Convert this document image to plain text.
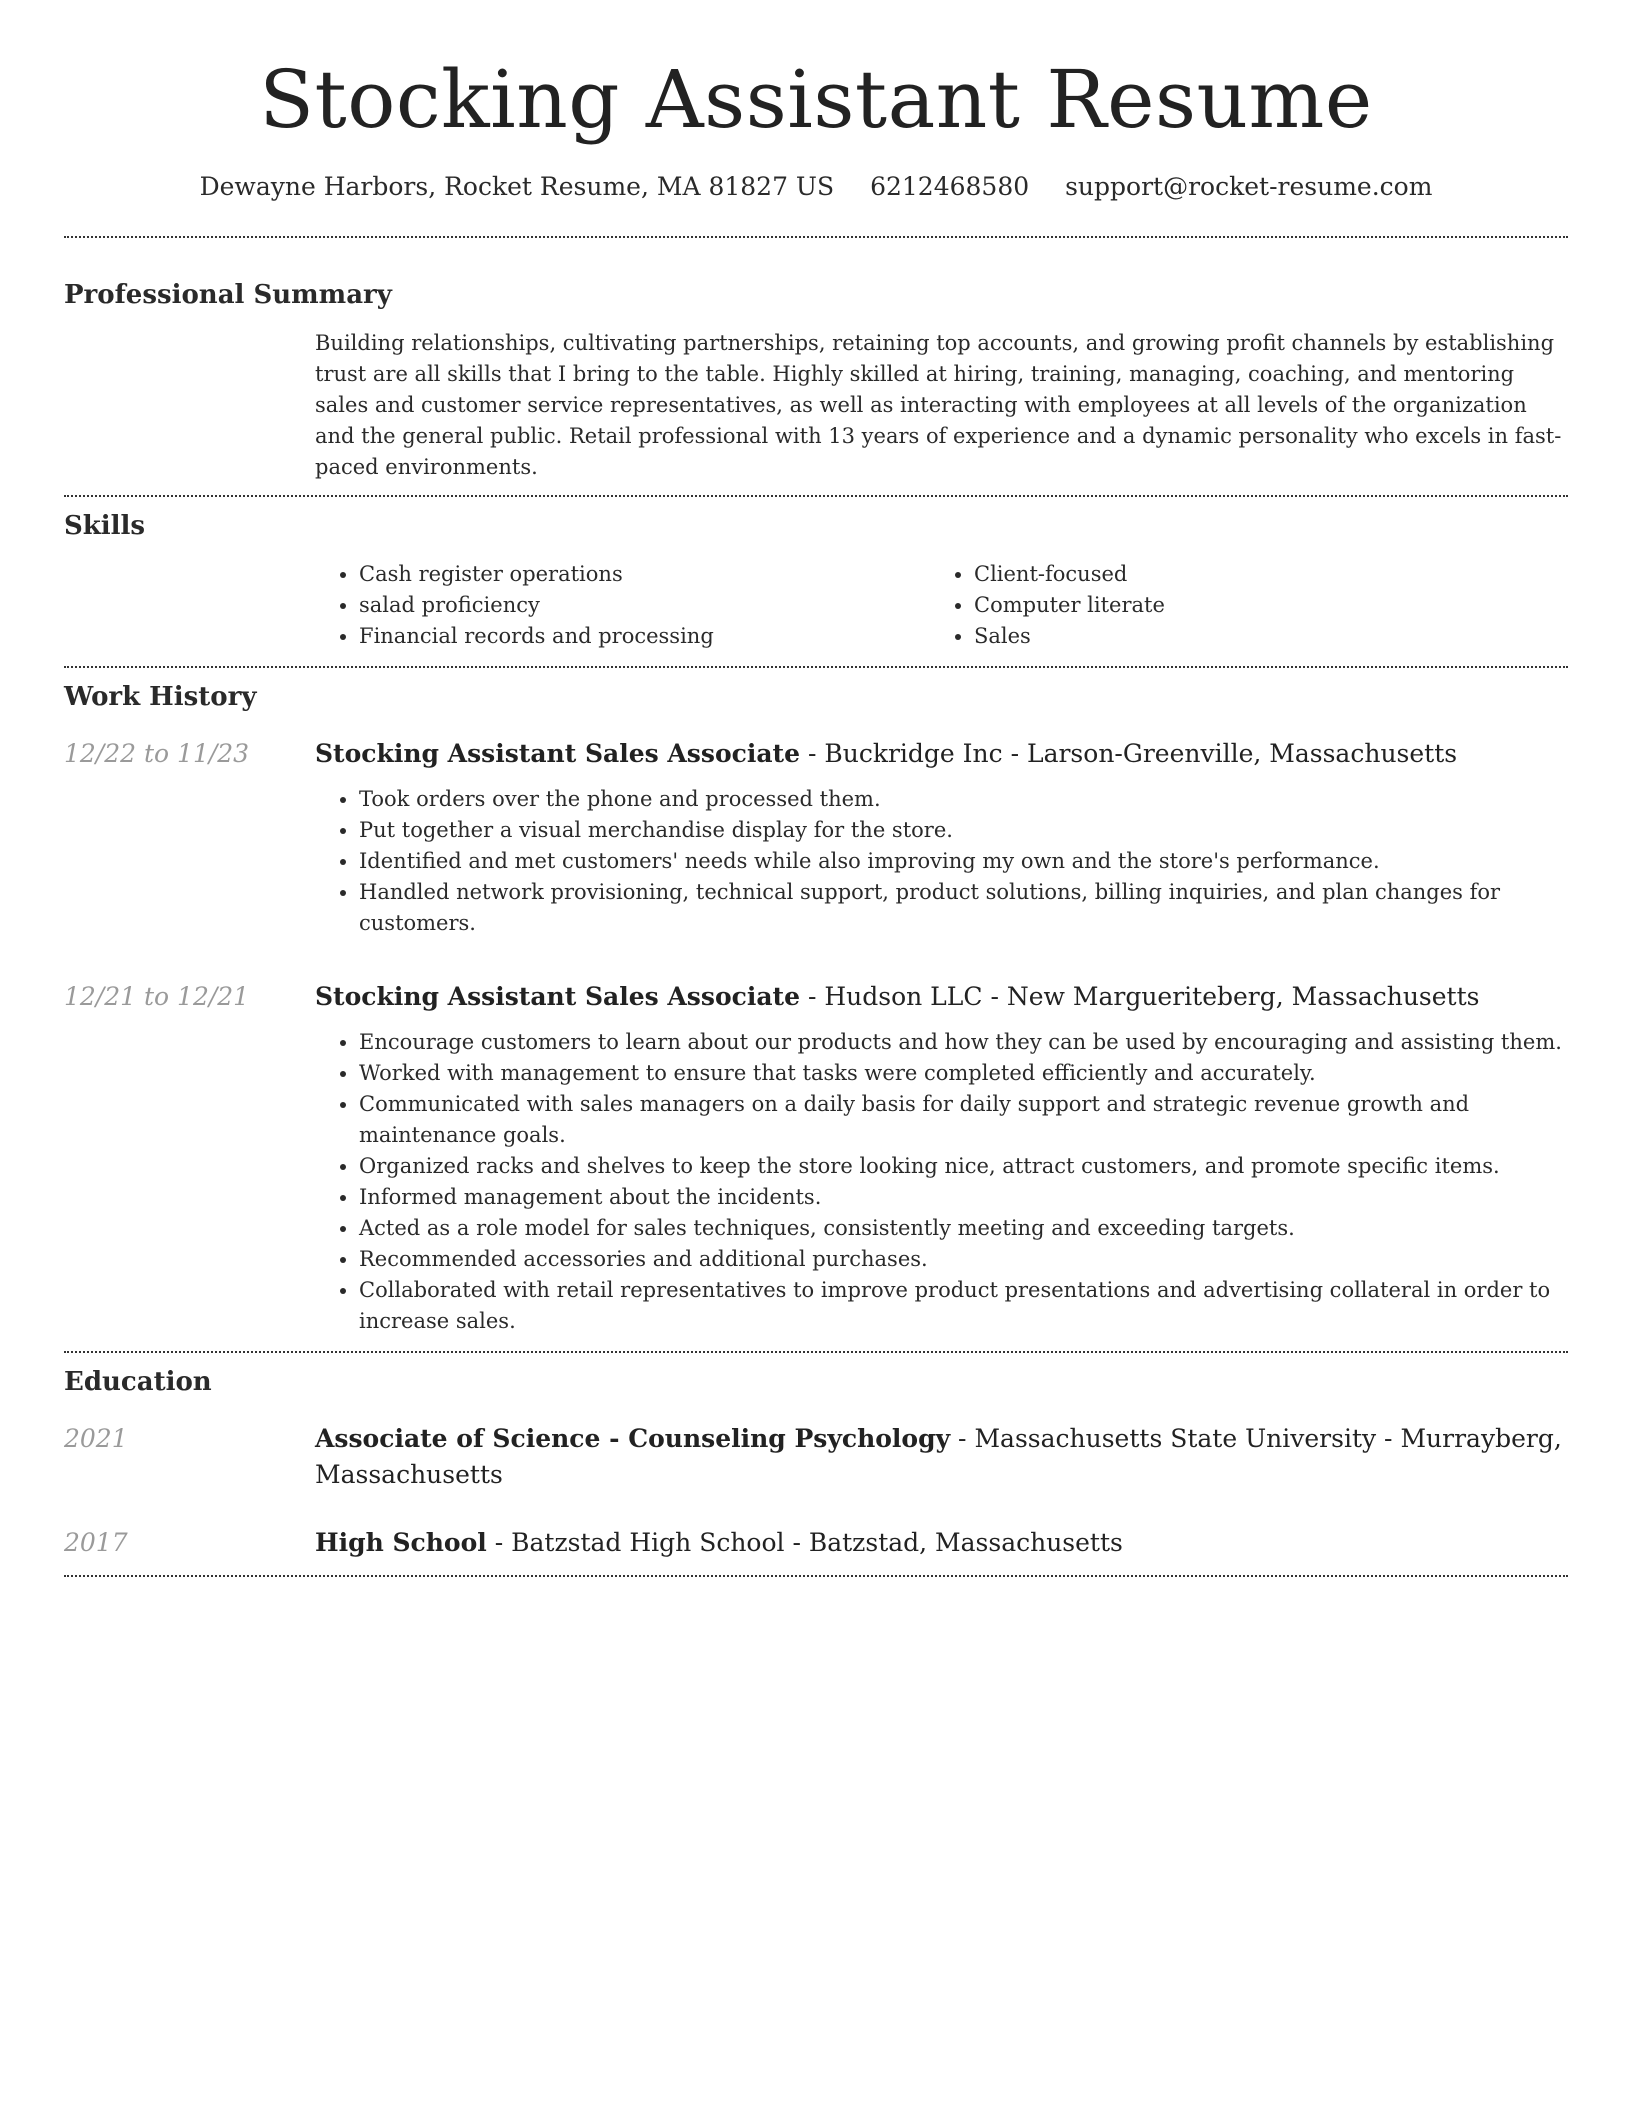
Stocking Assistant Resume
Dewayne Harbors, Rocket Resume, MA 81827 US 6212468580 support@rocket-resume.com
Professional Summary

Building relationships, cultivating partnerships, retaining top accounts, and growing profit channels by establishing trust are all skills that I bring to the table. Highly skilled at hiring, training, managing, coaching, and mentoring sales and customer service representatives, as well as interacting with employees at all levels of the organization and the general public. Retail professional with 13 years of experience and a dynamic personality who excels in fast-paced environments.

Skills
• Cash register operations
• salad proficiency
• Financial records and processing
• Client-focused
• Computer literate
• Sales
Work History
12/22 to 11/23	Stocking Assistant Sales Associate - Buckridge Inc - Larson-Greenville, Massachusetts
• Took orders over the phone and processed them.
• Put together a visual merchandise display for the store.
• Identified and met customers' needs while also improving my own and the store's performance.
• Handled network provisioning, technical support, product solutions, billing inquiries, and plan changes for customers.
12/21 to 12/21	Stocking Assistant Sales Associate - Hudson LLC - New Margueriteberg, Massachusetts
• Encourage customers to learn about our products and how they can be used by encouraging and assisting them.
• Worked with management to ensure that tasks were completed efficiently and accurately.
• Communicated with sales managers on a daily basis for daily support and strategic revenue growth and maintenance goals.
• Organized racks and shelves to keep the store looking nice, attract customers, and promote specific items.
• Informed management about the incidents.
• Acted as a role model for sales techniques, consistently meeting and exceeding targets.
• Recommended accessories and additional purchases.
• Collaborated with retail representatives to improve product presentations and advertising collateral in order to increase sales.
Education
2021	Associate of Science - Counseling Psychology - Massachusetts State University - Murrayberg, Massachusetts
2017	High School - Batzstad High School - Batzstad, Massachusetts
